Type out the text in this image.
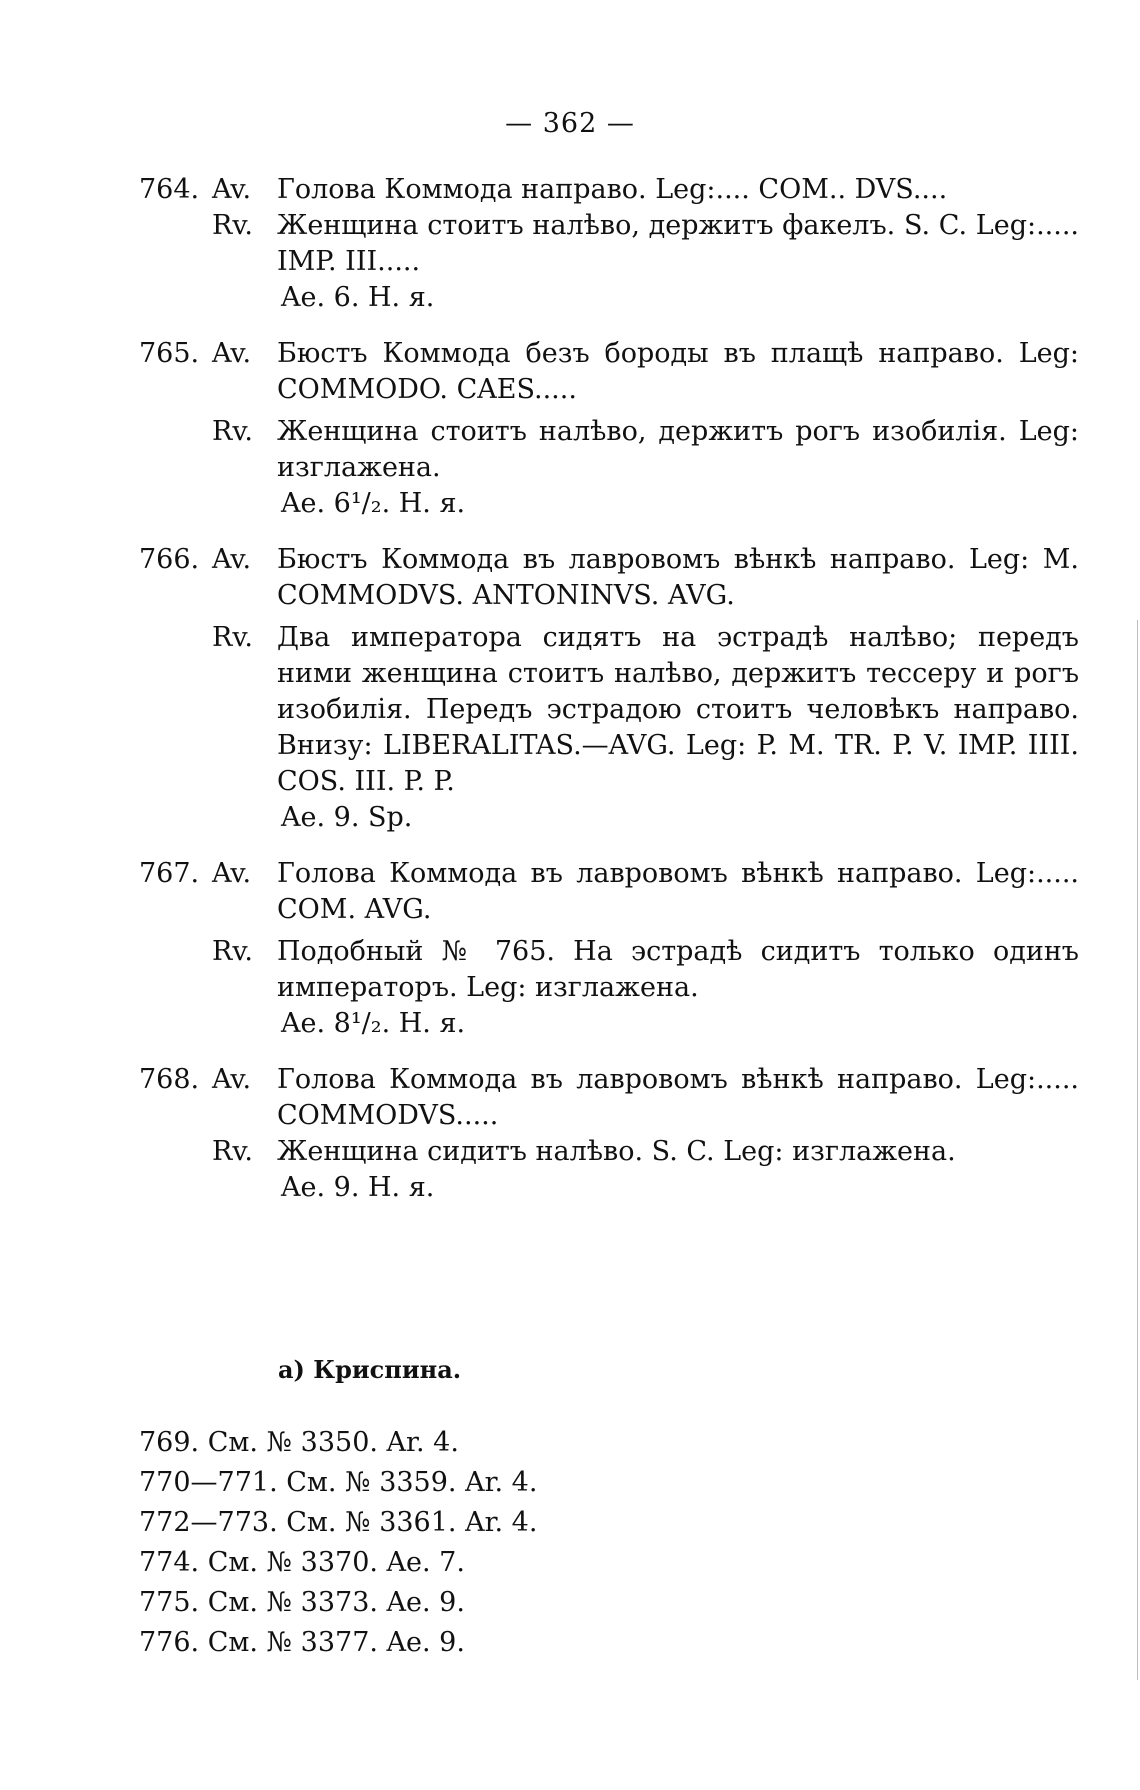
— 362 —
764. Av. Голова Коммода направо. Leg:.... COM.. DVS....
Rv. Женщина стоитъ налѣво, держитъ факелъ. S. C. Leg:..... IMP. III.....
Ae. 6. H. я.
765. Av. Бюстъ Коммода безъ бороды въ плащѣ направо. Leg: COMMODO. CAES.....
Rv. Женщина стоитъ налѣво, держитъ рогъ изобилія. Leg: изглажена.
Ae. 6¹/₂. H. я.
766. Av. Бюстъ Коммода въ лавровомъ вѣнкѣ направо. Leg: M. COMMODVS. ANTONINVS. AVG.
Rv. Два императора сидятъ на эстрадѣ налѣво; передъ ними женщина стоитъ налѣво, держитъ тессеру и рогъ изобилія. Передъ эстрадою стоитъ человѣкъ направо. Внизу: LIBERALITAS.—AVG. Leg: P. M. TR. P. V. IMP. IIII. COS. III. P. P.
Ae. 9. Sp.
767. Av. Голова Коммода въ лавровомъ вѣнкѣ направо. Leg:..... COM. AVG.
Rv. Подобный № 765. На эстрадѣ сидитъ только одинъ императоръ. Leg: изглажена.
Ae. 8¹/₂. H. я.
768. Av. Голова Коммода въ лавровомъ вѣнкѣ направо. Leg:..... COMMODVS.....
Rv. Женщина сидитъ налѣво. S. C. Leg: изглажена.
Ae. 9. H. я.
a) Криспина.
769. См. № 3350. Ar. 4.
770—771. См. № 3359. Ar. 4.
772—773. См. № 3361. Ar. 4.
774. См. № 3370. Ae. 7.
775. См. № 3373. Ae. 9.
776. См. № 3377. Ae. 9.
